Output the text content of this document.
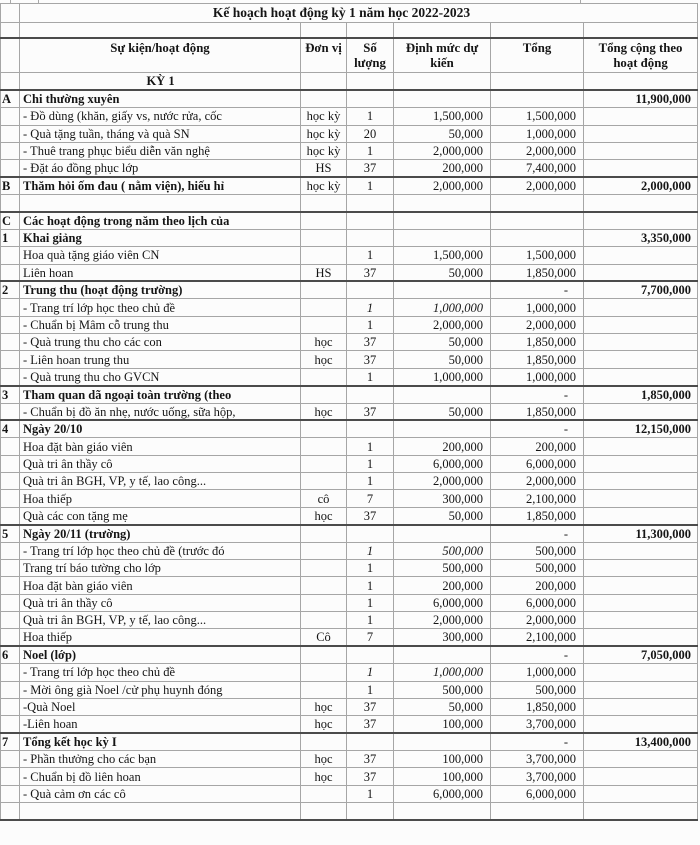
	Kế hoạch hoạt động kỳ 1 năm học 2022-2023					

	Sự kiện/hoạt động	Đơn vị	Số lượng	Định mức dự kiến	Tổng	Tổng cộng theo hoạt động
	KỲ 1					
A	Chi thường xuyên					11,900,000
	- Đồ dùng (khăn, giấy vs, nước rửa, cốc	học kỳ	1	1,500,000	1,500,000	
	- Quà tặng tuần, tháng và quà SN	học kỳ	20	50,000	1,000,000	
	- Thuê trang phục biểu diễn văn nghệ	học kỳ	1	2,000,000	2,000,000	
	- Đặt áo đồng phục lớp	HS	37	200,000	7,400,000	
B	Thăm hỏi ốm đau ( nằm viện), hiếu hỉ	học kỳ	1	2,000,000	2,000,000	2,000,000

C	Các hoạt động trong năm theo lịch của					
1	Khai giảng					3,350,000
	Hoa quà tặng giáo viên CN		1	1,500,000	1,500,000	
	Liên hoan	HS	37	50,000	1,850,000	
2	Trung thu (hoạt động trường)				-	7,700,000
	- Trang trí lớp học theo chủ đề		1	1,000,000	1,000,000	
	- Chuẩn bị Mâm cỗ trung thu		1	2,000,000	2,000,000	
	- Quà trung thu cho các con	học	37	50,000	1,850,000	
	- Liên hoan trung thu	học	37	50,000	1,850,000	
	- Quà trung thu cho GVCN		1	1,000,000	1,000,000	
3	Tham quan dã ngoại toàn trường (theo				-	1,850,000
	- Chuẩn bị đồ ăn nhẹ, nước uống, sữa hộp,	học	37	50,000	1,850,000	
4	Ngày 20/10				-	12,150,000
	Hoa đặt bàn giáo viên		1	200,000	200,000	
	Quà tri ân thầy cô		1	6,000,000	6,000,000	
	Quà tri ân BGH, VP, y tế, lao công...		1	2,000,000	2,000,000	
	Hoa thiếp	cô	7	300,000	2,100,000	
	Quà các con tặng mẹ	học	37	50,000	1,850,000	
5	Ngày 20/11 (trường)				-	11,300,000
	- Trang trí lớp học theo chủ đề (trước đó		1	500,000	500,000	
	Trang trí báo tường cho lớp		1	500,000	500,000	
	Hoa đặt bàn giáo viên		1	200,000	200,000	
	Quà tri ân thầy cô		1	6,000,000	6,000,000	
	Quà tri ân BGH, VP, y tế, lao công...		1	2,000,000	2,000,000	
	Hoa thiếp	Cô	7	300,000	2,100,000	
6	Noel (lớp)				-	7,050,000
	- Trang trí lớp học theo chủ đề		1	1,000,000	1,000,000	
	- Mời ông già Noel /cử phụ huynh đóng		1	500,000	500,000	
	-Quà Noel	học	37	50,000	1,850,000	
	-Liên hoan	học	37	100,000	3,700,000	
7	Tổng kết học kỳ I				-	13,400,000
	- Phần thưởng cho các bạn	học	37	100,000	3,700,000	
	- Chuẩn bị đồ liên hoan	học	37	100,000	3,700,000	
	- Quà cảm ơn các cô		1	6,000,000	6,000,000	
